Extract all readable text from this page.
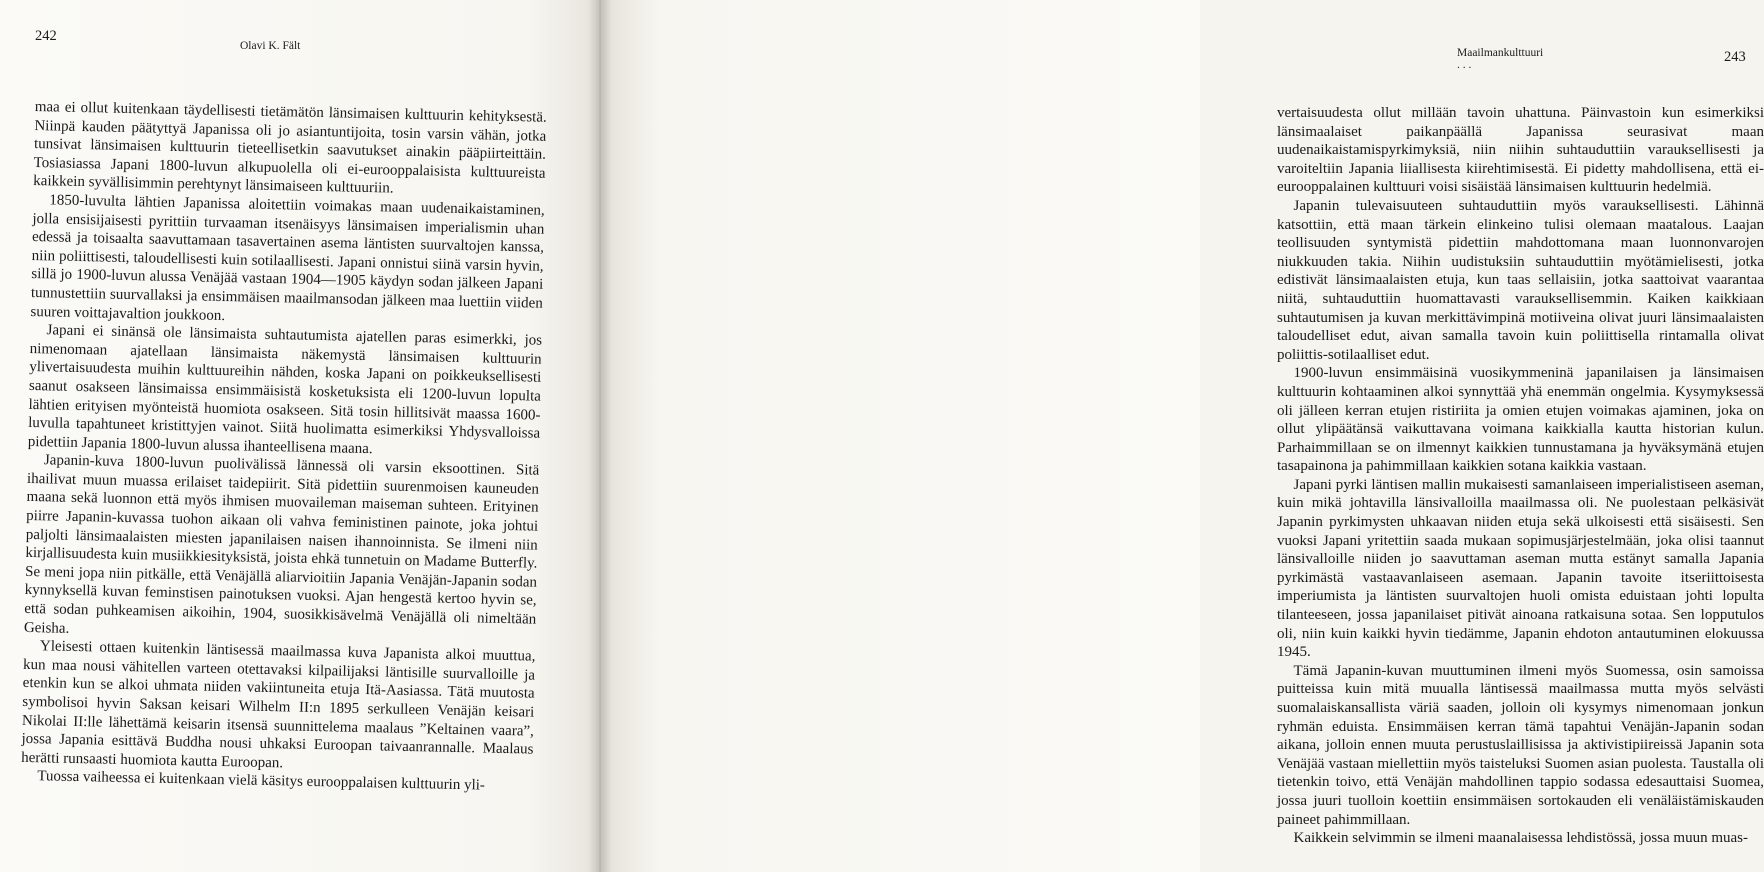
242
Olavi K. Fält

maa ei ollut kuitenkaan täydellisesti tietämätön länsimaisen kulttuurin kehityksestä. Niinpä kauden päätyttyä Japanissa oli jo asiantuntijoita, tosin varsin vähän, jotka tunsivat länsimaisen kulttuurin tieteellisetkin saavutukset ainakin pääpiirteittäin. Tosiasiassa Japani 1800-luvun alkupuolella oli ei-eurooppalaisista kulttuureista kaikkein syvällisimmin perehtynyt länsimaiseen kulttuuriin.

1850-luvulta lähtien Japanissa aloitettiin voimakas maan uudenaikaistaminen, jolla ensisijaisesti pyrittiin turvaaman itsenäisyys länsimaisen imperialismin uhan edessä ja toisaalta saavuttamaan tasavertainen asema läntisten suurvaltojen kanssa, niin poliittisesti, taloudellisesti kuin sotilaallisesti. Japani onnistui siinä varsin hyvin, sillä jo 1900-luvun alussa Venäjää vastaan 1904—1905 käydyn sodan jälkeen Japani tunnustettiin suurvallaksi ja ensimmäisen maailmansodan jälkeen maa luettiin viiden suuren voittajavaltion joukkoon.

Japani ei sinänsä ole länsimaista suhtautumista ajatellen paras esimerkki, jos nimenomaan ajatellaan länsimaista näkemystä länsimaisen kulttuurin ylivertaisuudesta muihin kulttuureihin nähden, koska Japani on poikkeuksellisesti saanut osakseen länsimaissa ensimmäisistä kosketuksista eli 1200-luvun lopulta lähtien erityisen myönteistä huomiota osakseen. Sitä tosin hillitsivät maassa 1600-luvulla tapahtuneet kristittyjen vainot. Siitä huolimatta esimerkiksi Yhdysvalloissa pidettiin Japania 1800-luvun alussa ihanteellisena maana.

Japanin-kuva 1800-luvun puolivälissä lännessä oli varsin eksoottinen. Sitä ihailivat muun muassa erilaiset taidepiirit. Sitä pidettiin suurenmoisen kauneuden maana sekä luonnon että myös ihmisen muovaileman maiseman suhteen. Erityinen piirre Japanin-kuvassa tuohon aikaan oli vahva feministinen painote, joka johtui paljolti länsimaalaisten miesten japanilaisen naisen ihannoinnista. Se ilmeni niin kirjallisuudesta kuin musiikkiesityksistä, joista ehkä tunnetuin on Madame Butterfly. Se meni jopa niin pitkälle, että Venäjällä aliarvioitiin Japania Venäjän-Japanin sodan kynnyksellä kuvan feminstisen painotuksen vuoksi. Ajan hengestä kertoo hyvin se, että sodan puhkeamisen aikoihin, 1904, suosikkisävelmä Venäjällä oli nimeltään Geisha.

Yleisesti ottaen kuitenkin läntisessä maailmassa kuva Japanista alkoi muuttua, kun maa nousi vähitellen varteen otettavaksi kilpailijaksi läntisille suurvalloille ja etenkin kun se alkoi uhmata niiden vakiintuneita etuja Itä-Aasiassa. Tätä muutosta symbolisoi hyvin Saksan keisari Wilhelm II:n 1895 serkulleen Venäjän keisari Nikolai II:lle lähettämä keisarin itsensä suunnittelema maalaus ”Keltainen vaara”, jossa Japania esittävä Buddha nousi uhkaksi Euroopan taivaanrannalle. Maalaus herätti runsaasti huomiota kautta Euroopan.

Tuossa vaiheessa ei kuitenkaan vielä käsitys eurooppalaisen kulttuurin yli-

Maailmankulttuuri . . .	243

vertaisuudesta ollut millään tavoin uhattuna. Päinvastoin kun esimerkiksi länsimaalaiset paikanpäällä Japanissa seurasivat maan uudenaikaistamispyrkimyksiä, niin niihin suhtauduttiin varauksellisesti ja varoiteltiin Japania liiallisesta kiirehtimisestä. Ei pidetty mahdollisena, että ei-eurooppalainen kulttuuri voisi sisäistää länsimaisen kulttuurin hedelmiä.

Japanin tulevaisuuteen suhtauduttiin myös varauksellisesti. Lähinnä katsottiin, että maan tärkein elinkeino tulisi olemaan maatalous. Laajan teollisuuden syntymistä pidettiin mahdottomana maan luonnonvarojen niukkuuden takia. Niihin uudistuksiin suhtauduttiin myötämielisesti, jotka edistivät länsimaalaisten etuja, kun taas sellaisiin, jotka saattoivat vaarantaa niitä, suhtauduttiin huomattavasti varauksellisemmin. Kaiken kaikkiaan suhtautumisen ja kuvan merkittävimpinä motiiveina olivat juuri länsimaalaisten taloudelliset edut, aivan samalla tavoin kuin poliittisella rintamalla olivat poliittis-sotilaalliset edut.

1900-luvun ensimmäisinä vuosikymmeninä japanilaisen ja länsimaisen kulttuurin kohtaaminen alkoi synnyttää yhä enemmän ongelmia. Kysymyksessä oli jälleen kerran etujen ristiriita ja omien etujen voimakas ajaminen, joka on ollut ylipäätänsä vaikuttavana voimana kaikkialla kautta historian kulun. Parhaimmillaan se on ilmennyt kaikkien tunnustamana ja hyväksymänä etujen tasapainona ja pahimmillaan kaikkien sotana kaikkia vastaan.

Japani pyrki läntisen mallin mukaisesti samanlaiseen imperialistiseen aseman, kuin mikä johtavilla länsivalloilla maailmassa oli. Ne puolestaan pelkäsivät Japanin pyrkimysten uhkaavan niiden etuja sekä ulkoisesti että sisäisesti. Sen vuoksi Japani yritettiin saada mukaan sopimusjärjestelmään, joka olisi taannut länsivalloille niiden jo saavuttaman aseman mutta estänyt samalla Japania pyrkimästä vastaavanlaiseen asemaan. Japanin tavoite itseriittoisesta imperiumista ja läntisten suurvaltojen huoli omista eduistaan johti lopulta tilanteeseen, jossa japanilaiset pitivät ainoana ratkaisuna sotaa. Sen lopputulos oli, niin kuin kaikki hyvin tiedämme, Japanin ehdoton antautuminen elokuussa 1945.

Tämä Japanin-kuvan muuttuminen ilmeni myös Suomessa, osin samoissa puitteissa kuin mitä muualla läntisessä maailmassa mutta myös selvästi suomalaiskansallista väriä saaden, jolloin oli kysymys nimenomaan jonkun ryhmän eduista. Ensimmäisen kerran tämä tapahtui Venäjän-Japanin sodan aikana, jolloin ennen muuta perustuslaillisissa ja aktivistipiireissä Japanin sota Venäjää vastaan miellettiin myös taisteluksi Suomen asian puolesta. Taustalla oli tietenkin toivo, että Venäjän mahdollinen tappio sodassa edesauttaisi Suomea, jossa juuri tuolloin koettiin ensimmäisen sortokauden eli venäläistämiskauden paineet pahimmillaan.

Kaikkein selvimmin se ilmeni maanalaisessa lehdistössä, jossa muun muas-
